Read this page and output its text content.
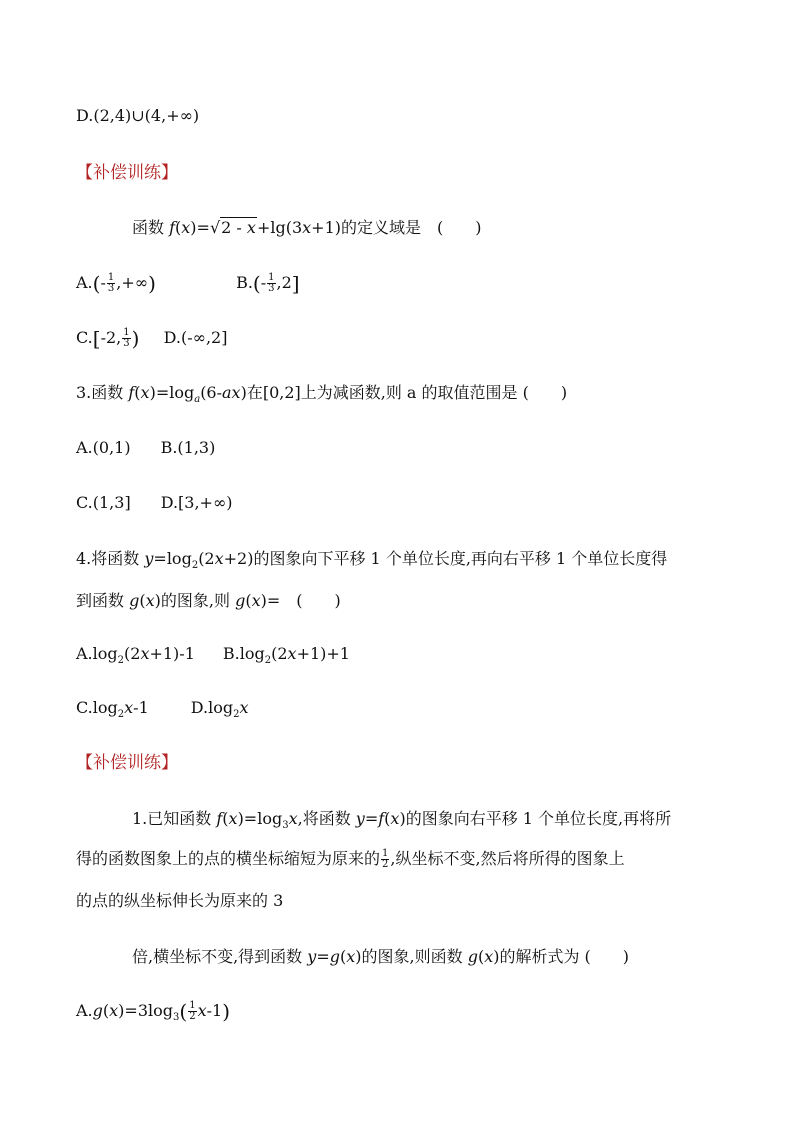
D.(2,4)∪(4,+∞)
【补偿训练】
函数 f(x)=√2 - x+lg(3x+1)的定义域是　(　　)
$A.(- \frac{1}{3}$ ,+∞)	$B.(- \frac{1}{3} ,2]$
C.[-2, $\frac{1}{3}$ ) D.(-∞,2]
3.函数 $f(x)=\log_a(6-ax)$在[0,2]上为减函数,则 a 的取值范围是 (　　)
A.(0,1) B.(1,3)
C.(1,3] D.[3,+∞)
4.将函数 $y=\log_2(2x+2)$的图象向下平移 1 个单位长度,再向右平移 1 个单位长度得
到函数 g(x)的图象,则 g(x)=　(　　)
$A.\log_2(2x+1)-1$ $B.\log_2(2x+1)+1$
$C.\log_2x-1$	$D.\log_2x$
【补偿训练】
1.已知函数 $f(x)=\log_3x$,将函数 y=f(x)的图象向右平移 1 个单位长度,再将所
得的函数图象上的点的横坐标缩短为原来的 $\frac{1}{2}$ ,纵坐标不变,然后将所得的图象上
的点的纵坐标伸长为原来的 3
倍,横坐标不变,得到函数 y=g(x)的图象,则函数 g(x)的解析式为 (　　)
$A.g(x)=3\log_3( \frac{1}{2} x-1)$
